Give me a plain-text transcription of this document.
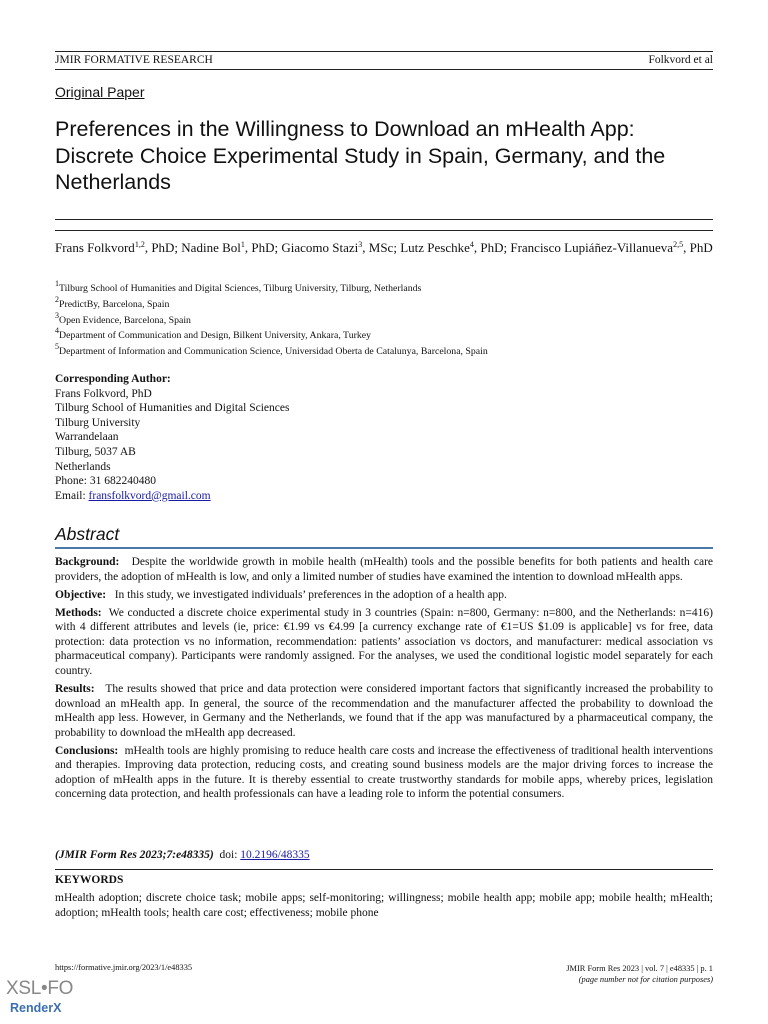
JMIR FORMATIVE RESEARCH	Folkvord et al
Original Paper
Preferences in the Willingness to Download an mHealth App:
Discrete Choice Experimental Study in Spain, Germany, and the
Netherlands
Frans Folkvord$^{1,2}$, PhD; Nadine Bol$^1$, PhD; Giacomo Stazi$^3$, MSc; Lutz Peschke$^4$, PhD; Francisco Lupiáñez-Villanueva$^{2,5}$, PhD
$^1$Tilburg School of Humanities and Digital Sciences, Tilburg University, Tilburg, Netherlands
$^2$PredictBy, Barcelona, Spain
$^3$Open Evidence, Barcelona, Spain
$^4$Department of Communication and Design, Bilkent University, Ankara, Turkey
$^5$Department of Information and Communication Science, Universidad Oberta de Catalunya, Barcelona, Spain
Corresponding Author:
Frans Folkvord, PhD
Tilburg School of Humanities and Digital Sciences
Tilburg University
Warrandelaan
Tilburg, 5037 AB
Netherlands
Phone: 31 682240480
Email: fransfolkvord@gmail.com
Abstract

Background: Despite the worldwide growth in mobile health (mHealth) tools and the possible benefits for both patients and health care providers, the adoption of mHealth is low, and only a limited number of studies have examined the intention to download mHealth apps.

Objective: In this study, we investigated individuals’ preferences in the adoption of a health app.

Methods: We conducted a discrete choice experimental study in 3 countries (Spain: n=800, Germany: n=800, and the Netherlands: n=416) with 4 different attributes and levels (ie, price: €1.99 vs €4.99 [a currency exchange rate of €1=US $1.09 is applicable] vs for free, data protection: data protection vs no information, recommendation: patients’ association vs doctors, and manufacturer: medical association vs pharmaceutical company). Participants were randomly assigned. For the analyses, we used the conditional logistic model separately for each country.

Results: The results showed that price and data protection were considered important factors that significantly increased the probability to download an mHealth app. In general, the source of the recommendation and the manufacturer affected the probability to download the mHealth app less. However, in Germany and the Netherlands, we found that if the app was manufactured by a pharmaceutical company, the probability to download the mHealth app decreased.

Conclusions: mHealth tools are highly promising to reduce health care costs and increase the effectiveness of traditional health interventions and therapies. Improving data protection, reducing costs, and creating sound business models are the major driving forces to increase the adoption of mHealth apps in the future. It is thereby essential to create trustworthy standards for mobile apps, whereby prices, legislation concerning data protection, and health professionals can have a leading role to inform the potential consumers.

(JMIR Form Res 2023;7:e48335) doi: 10.2196/48335
KEYWORDS
mHealth adoption; discrete choice task; mobile apps; self-monitoring; willingness; mobile health app; mobile app; mobile health; mHealth; adoption; mHealth tools; health care cost; effectiveness; mobile phone
https://formative.jmir.org/2023/1/e48335	JMIR Form Res 2023 | vol. 7 | e48335 | p. 1
(page number not for citation purposes)
XSL•FO
RenderX
